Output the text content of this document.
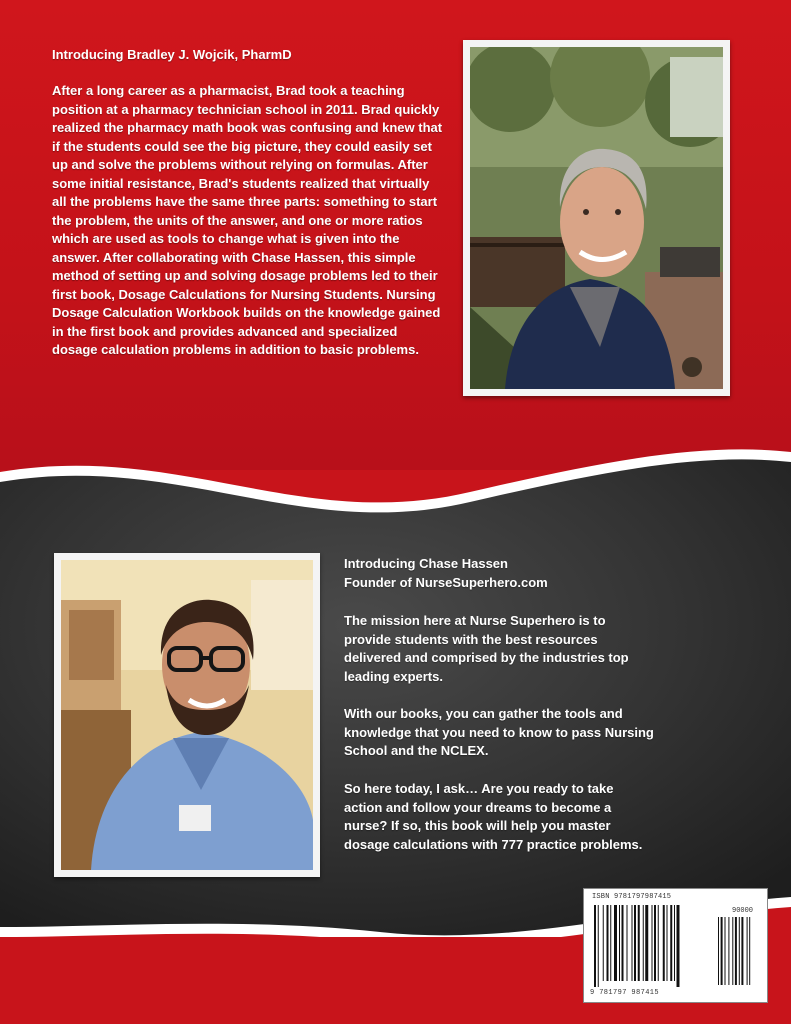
Introducing Bradley J. Wojcik, PharmD
After a long career as a pharmacist, Brad took a teaching position at a pharmacy technician school in 2011. Brad quickly realized the pharmacy math book was confusing and knew that if the students could see the big picture, they could easily set up and solve the problems without relying on formulas. After some initial resistance, Brad's students realized that virtually all the problems have the same three parts: something to start the problem, the units of the answer, and one or more ratios which are used as tools to change what is given into the answer. After collaborating with Chase Hassen, this simple method of setting up and solving dosage problems led to their first book, Dosage Calculations for Nursing Students. Nursing Dosage Calculation Workbook builds on the knowledge gained in the first book and provides advanced and specialized dosage calculation problems in addition to basic problems.
Introducing Chase Hassen
Founder of NurseSuperhero.com
The mission here at Nurse Superhero is to provide students with the best resources delivered and comprised by the industries top leading experts.
With our books, you can gather the tools and knowledge that you need to know to pass Nursing School and the NCLEX.
So here today, I ask… Are you ready to take action and follow your dreams to become a nurse? If so, this book will help you master dosage calculations with 777 practice problems.
ISBN 9781797987415
90000
9 781797 987415
